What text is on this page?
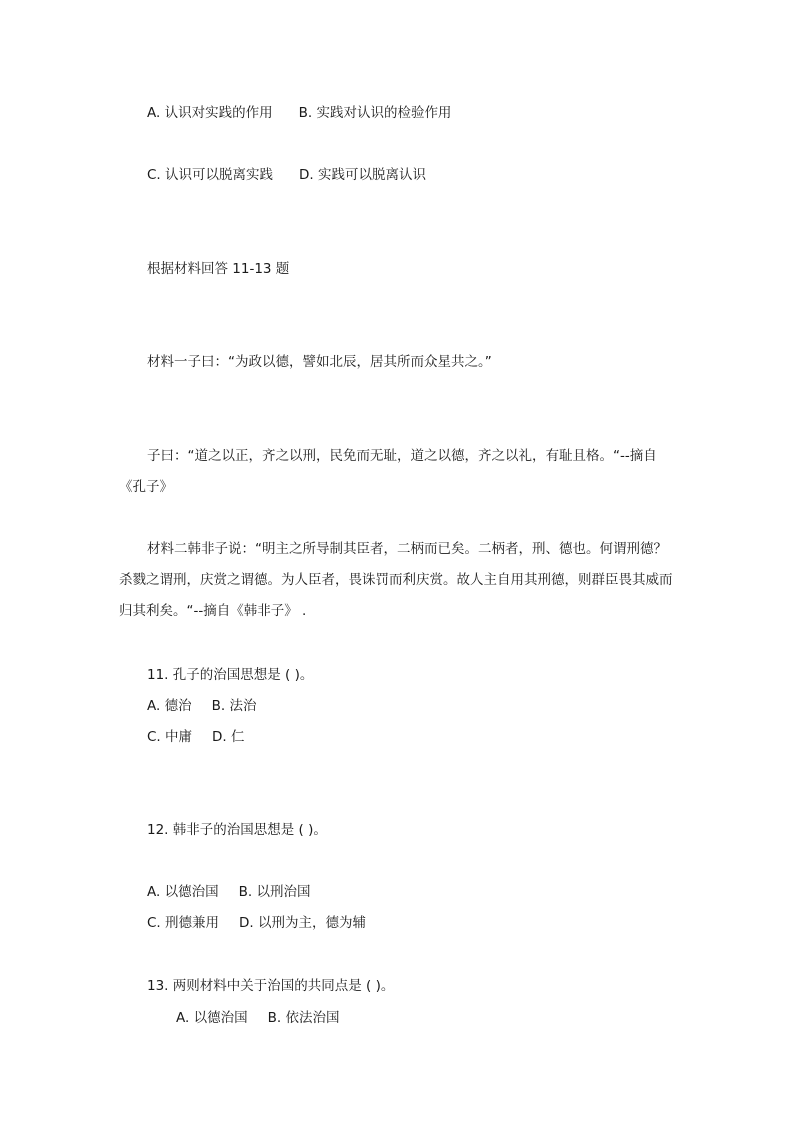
A. 认识对实践的作用 B. 实践对认识的检验作用
C. 认识可以脱离实践 D. 实践可以脱离认识
根据材料回答 11-13 题
材料一子曰：“为政以德，譬如北辰，居其所而众星共之。”
子曰：“道之以正，齐之以刑，民免而无耻，道之以德，齐之以礼，有耻且格。“--摘自《孔子》
材料二韩非子说：“明主之所导制其臣者，二柄而已矣。二柄者，刑、德也。何谓刑德？杀戮之谓刑，庆赏之谓德。为人臣者，畏诛罚而利庆赏。故人主自用其刑德，则群臣畏其威而归其利矣。“--摘自《韩非子》 .
11. 孔子的治国思想是 ( )。
A. 德治 B. 法治
C. 中庸 D. 仁
12. 韩非子的治国思想是 ( )。
A. 以德治国 B. 以刑治国
C. 刑德兼用 D. 以刑为主，德为辅
13. 两则材料中关于治国的共同点是 ( )。
A. 以德治国 B. 依法治国
